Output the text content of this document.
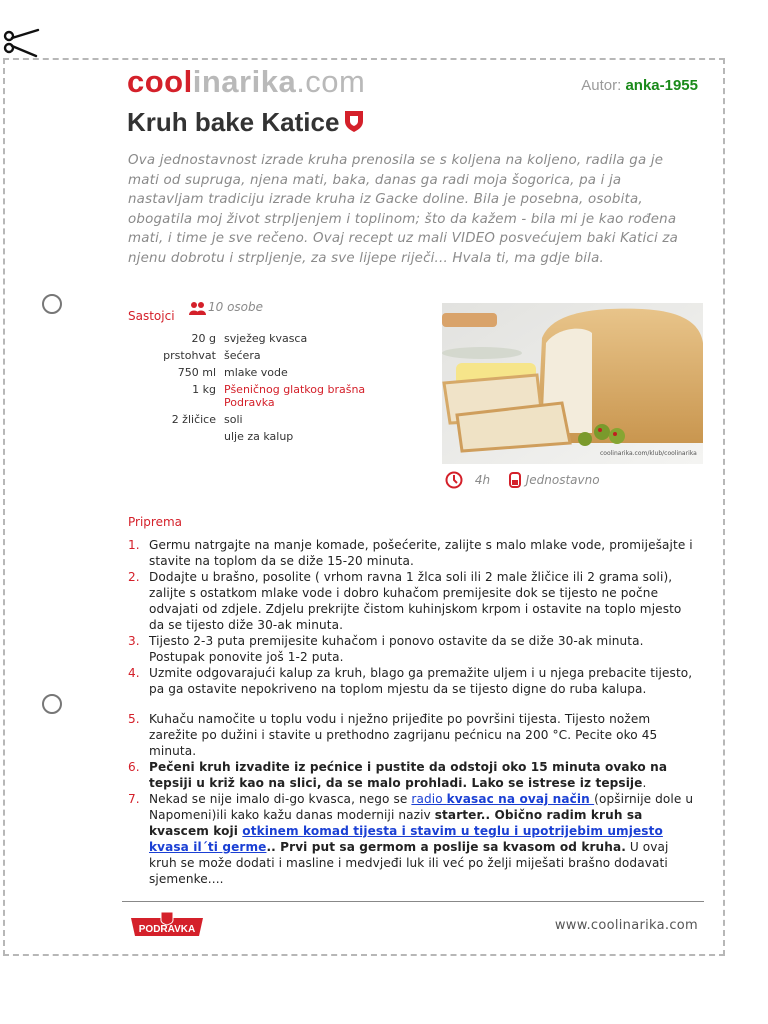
coolinarika.com	Autor: anka-1955
Kruh bake Katice
Ova jednostavnost izrade kruha prenosila se s koljena na koljeno, radila ga je mati od supruga, njena mati, baka, danas ga radi moja šogorica, pa i ja nastavljam tradiciju izrade kruha iz Gacke doline. Bila je posebna, osobita, obogatila moj život strpljenjem i toplinom; što da kažem - bila mi je kao rođena mati, i time je sve rečeno. Ovaj recept uz mali VIDEO posvećujem baki Katici za njenu dobrotu i strpljenje, za sve lijepe riječi... Hvala ti, ma gdje bila.
Sastojci
10 osobe
20 g svježeg kvasca
prstohvat šećera
750 ml mlake vode
1 kg Pšeničnog glatkog brašna Podravka
2 žličice soli
ulje za kalup
coolinarika.com/klub/coolinarika
4h	Jednostavno
Priprema
1. Germu natrgajte na manje komade, pošećerite, zalijte s malo mlake vode, promiješajte i stavite na toplom da se diže 15-20 minuta.
2. Dodajte u brašno, posolite ( vrhom ravna 1 žlca soli ili 2 male žličice ili 2 grama soli), zalijte s ostatkom mlake vode i dobro kuhačom premijesite dok se tijesto ne počne odvajati od zdjele. Zdjelu prekrijte čistom kuhinjskom krpom i ostavite na toplo mjesto da se tijesto diže 30-ak minuta.
3. Tijesto 2-3 puta premijesite kuhačom i ponovo ostavite da se diže 30-ak minuta. Postupak ponovite još 1-2 puta.
4. Uzmite odgovarajući kalup za kruh, blago ga premažite uljem i u njega prebacite tijesto, pa ga ostavite nepokriveno na toplom mjestu da se tijesto digne do ruba kalupa.
5. Kuhaču namočite u toplu vodu i nježno prijeđite po površini tijesta. Tijesto nožem zarežite po dužini i stavite u prethodno zagrijanu pećnicu na 200 °C. Pecite oko 45 minuta.
6. Pečeni kruh izvadite iz pećnice i pustite da odstoji oko 15 minuta ovako na tepsiji u križ kao na slici, da se malo prohladi. Lako se istrese iz tepsije.
7. Nekad se nije imalo di-go kvasca, nego se radio kvasac na ovaj način (opširnije dole u Napomeni)ili kako kažu danas moderniji naziv starter.. Obično radim kruh sa kvascem koji otkinem komad tijesta i stavim u teglu i upotrijebim umjesto kvasa il´ti germe.. Prvi put sa germom a poslije sa kvasom od kruha. U ovaj kruh se može dodati i masline i medvjeđi luk ili već po želji miješati brašno dodavati sjemenke....
PODRAVKA	www.coolinarika.com
